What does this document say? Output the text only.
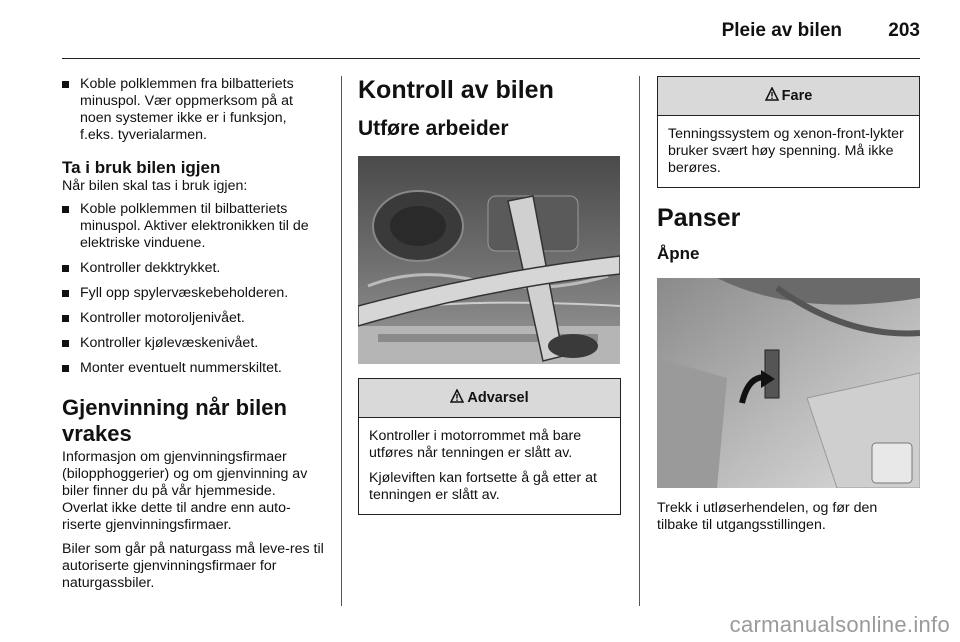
Pleie av bilen 203
Koble polklemmen fra bilbatteriets minuspol. Vær oppmerksom på at noen systemer ikke er i funksjon, f.eks. tyverialarmen.
Ta i bruk bilen igjen

Når bilen skal tas i bruk igjen:

Koble polklemmen til bilbatteriets minuspol. Aktiver elektronikken til de elektriske vinduene.
Kontroller dekktrykket.
Fyll opp spylervæskebeholderen.
Kontroller motoroljenivået.
Kontroller kjølevæskenivået.
Monter eventuelt nummerskiltet.
Gjenvinning når bilen vrakes

Informasjon om gjenvinningsfirmaer (bilopphoggerier) og om gjenvinning av biler finner du på vår hjemmeside. Overlat ikke dette til andre enn auto-riserte gjenvinningsfirmaer.

Biler som går på naturgass må leve-res til autoriserte gjenvinningsfirmaer for naturgassbiler.

Kontroll av bilen
Utføre arbeider
Advarsel

Kontroller i motorrommet må bare utføres når tenningen er slått av.

Kjøleviften kan fortsette å gå etter at tenningen er slått av.

Fare

Tenningssystem og xenon-front-lykter bruker svært høy spenning. Må ikke berøres.

Panser
Åpne

Trekk i utløserhendelen, og før den tilbake til utgangsstillingen.

carmanualsonline.info
